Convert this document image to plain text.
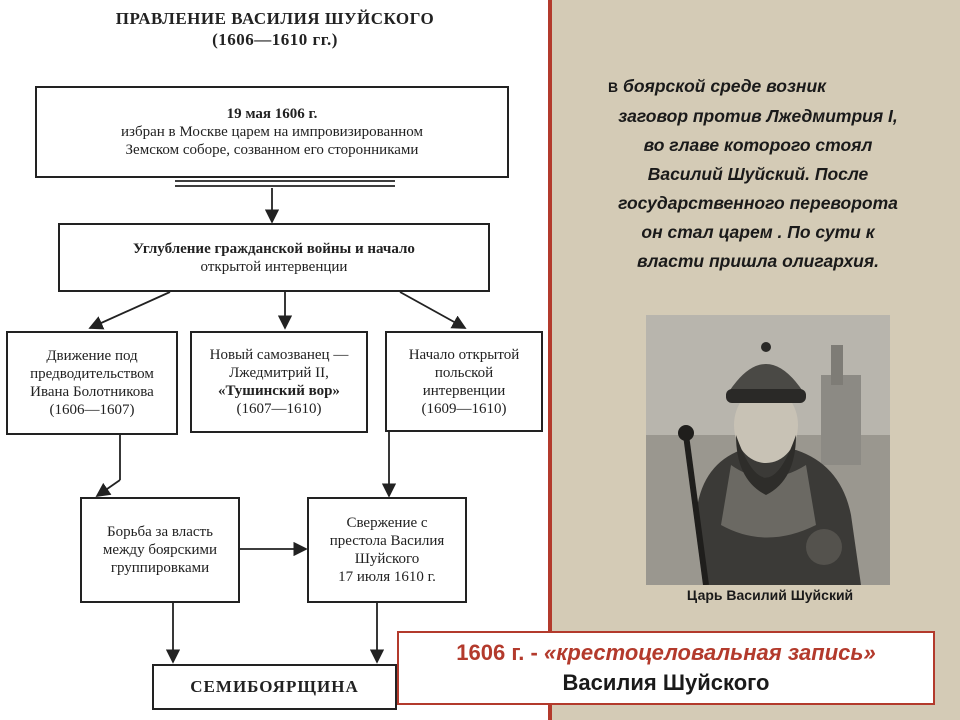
ПРАВЛЕНИЕ ВАСИЛИЯ ШУЙСКОГО
(1606—1610 гг.)
19 мая 1606 г.
избран в Москве царем на импровизированном
Земском соборе, созванном его сторонниками
Углубление гражданской войны и начало
открытой интервенции
Движение под
предводительством
Ивана Болотникова
(1606—1607)
Новый самозванец —
Лжедмитрий II,
«Тушинский вор»
(1607—1610)
Начало открытой
польской
интервенции
(1609—1610)
Борьба за власть
между боярскими
группировками
Свержение с
престола Василия
Шуйского
17 июля 1610 г.
СЕМИБОЯРЩИНА
В боярской среде возник
заговор против Лжедмитрия I,
во главе которого стоял
Василий Шуйский. После
государственного переворота
он стал царем . По сути к
власти пришла олигархия.
Царь Василий Шуйский
1606 г. - «крестоцеловальная запись»
Василия Шуйского
